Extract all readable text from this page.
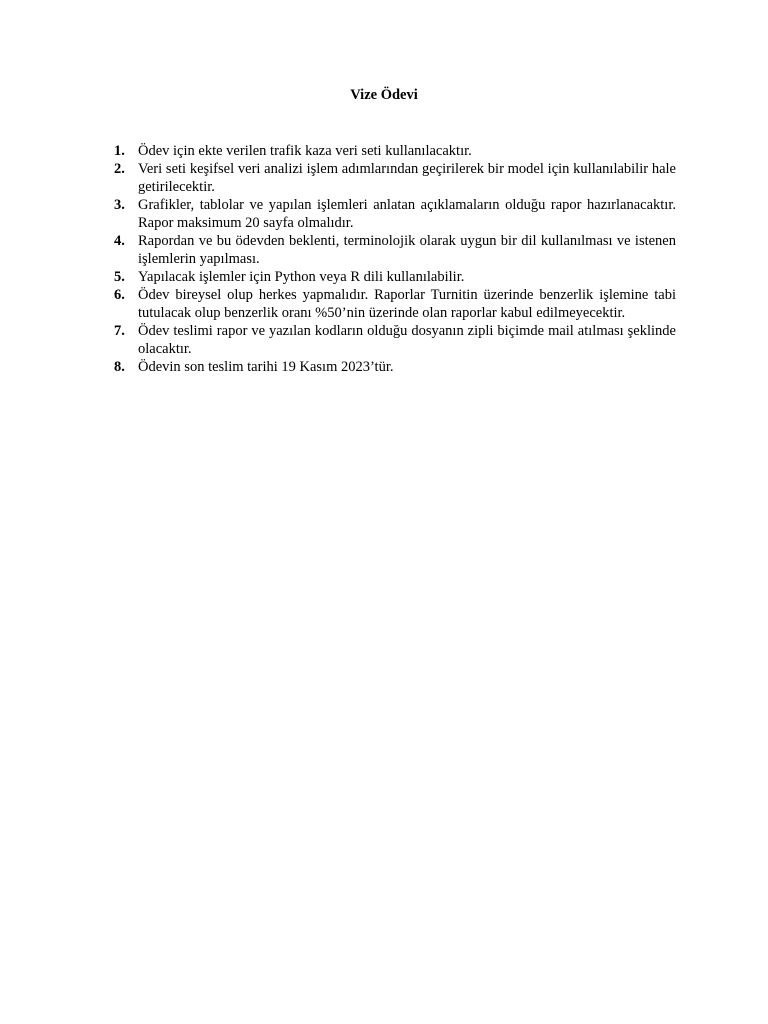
Vize Ödevi
1. Ödev için ekte verilen trafik kaza veri seti kullanılacaktır.
2. Veri seti keşifsel veri analizi işlem adımlarından geçirilerek bir model için kullanılabilir hale getirilecektir.
3. Grafikler, tablolar ve yapılan işlemleri anlatan açıklamaların olduğu rapor hazırlanacaktır. Rapor maksimum 20 sayfa olmalıdır.
4. Rapordan ve bu ödevden beklenti, terminolojik olarak uygun bir dil kullanılması ve istenen işlemlerin yapılması.
5. Yapılacak işlemler için Python veya R dili kullanılabilir.
6. Ödev bireysel olup herkes yapmalıdır. Raporlar Turnitin üzerinde benzerlik işlemine tabi tutulacak olup benzerlik oranı %50’nin üzerinde olan raporlar kabul edilmeyecektir.
7. Ödev teslimi rapor ve yazılan kodların olduğu dosyanın zipli biçimde mail atılması şeklinde olacaktır.
8. Ödevin son teslim tarihi 19 Kasım 2023’tür.
